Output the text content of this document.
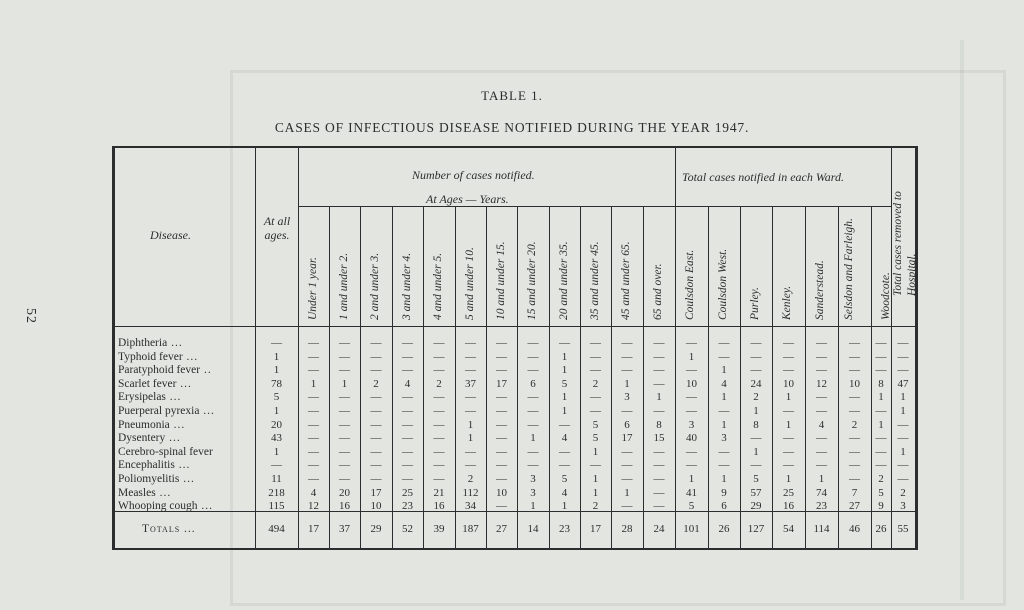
52
TABLE 1.
CASES OF INFECTIOUS DISEASE NOTIFIED DURING THE YEAR 1947.
Disease.
At all ages.
Number of cases notified.
At Ages — Years.
Total cases notified in each Ward.
Total cases removed to Hospital.
Under 1 year. 1 and under 2. 2 and under 3. 3 and under 4. 4 and under 5. 5 and under 10. 10 and under 15. 15 and under 20. 20 and under 35. 35 and under 45. 45 and under 65. 65 and over. Coulsdon East. Coulsdon West. Purley. Kenley. Sanderstead. Selsdon and Farleigh. Woodcote.
Diphtheria ...	—	—	—	—	—	—	—	—	—	—	—	—	—	—	—	—	—	—	—	—	—
Typhoid fever ...	1	—	—	—	—	—	—	—	—	1	—	—	—	1	—	—	—	—	—	—	—
Paratyphoid fever ..	1	—	—	—	—	—	—	—	—	1	—	—	—	—	1	—	—	—	—	—	—
Scarlet fever ...	78	1	1	2	4	2	37	17	6	5	2	1	—	10	4	24	10	12	10	8	47
Erysipelas ...	5	—	—	—	—	—	—	—	—	1	—	3	1	—	1	2	1	—	—	1	1
Puerperal pyrexia ...	1	—	—	—	—	—	—	—	—	1	—	—	—	—	—	1	—	—	—	—	1
Pneumonia ...	20	—	—	—	—	—	1	—	—	—	5	6	8	3	1	8	1	4	2	1	—
Dysentery ...	43	—	—	—	—	—	1	—	1	4	5	17	15	40	3	—	—	—	—	—	—
Cerebro-spinal fever	1	—	—	—	—	—	—	—	—	—	1	—	—	—	—	1	—	—	—	—	1
Encephalitis ...	—	—	—	—	—	—	—	—	—	—	—	—	—	—	—	—	—	—	—	—	—
Poliomyelitis ...	11	—	—	—	—	—	2	—	3	5	1	—	—	1	1	5	1	1	—	2	—
Measles ...	218	4	20	17	25	21	112	10	3	4	1	1	—	41	9	57	25	74	7	5	2
Whooping cough ...	115	12	16	10	23	16	34	—	1	1	2	—	—	5	6	29	16	23	27	9	3
Totals ...	494	17	37	29	52	39	187	27	14	23	17	28	24	101	26	127	54	114	46	26	55
